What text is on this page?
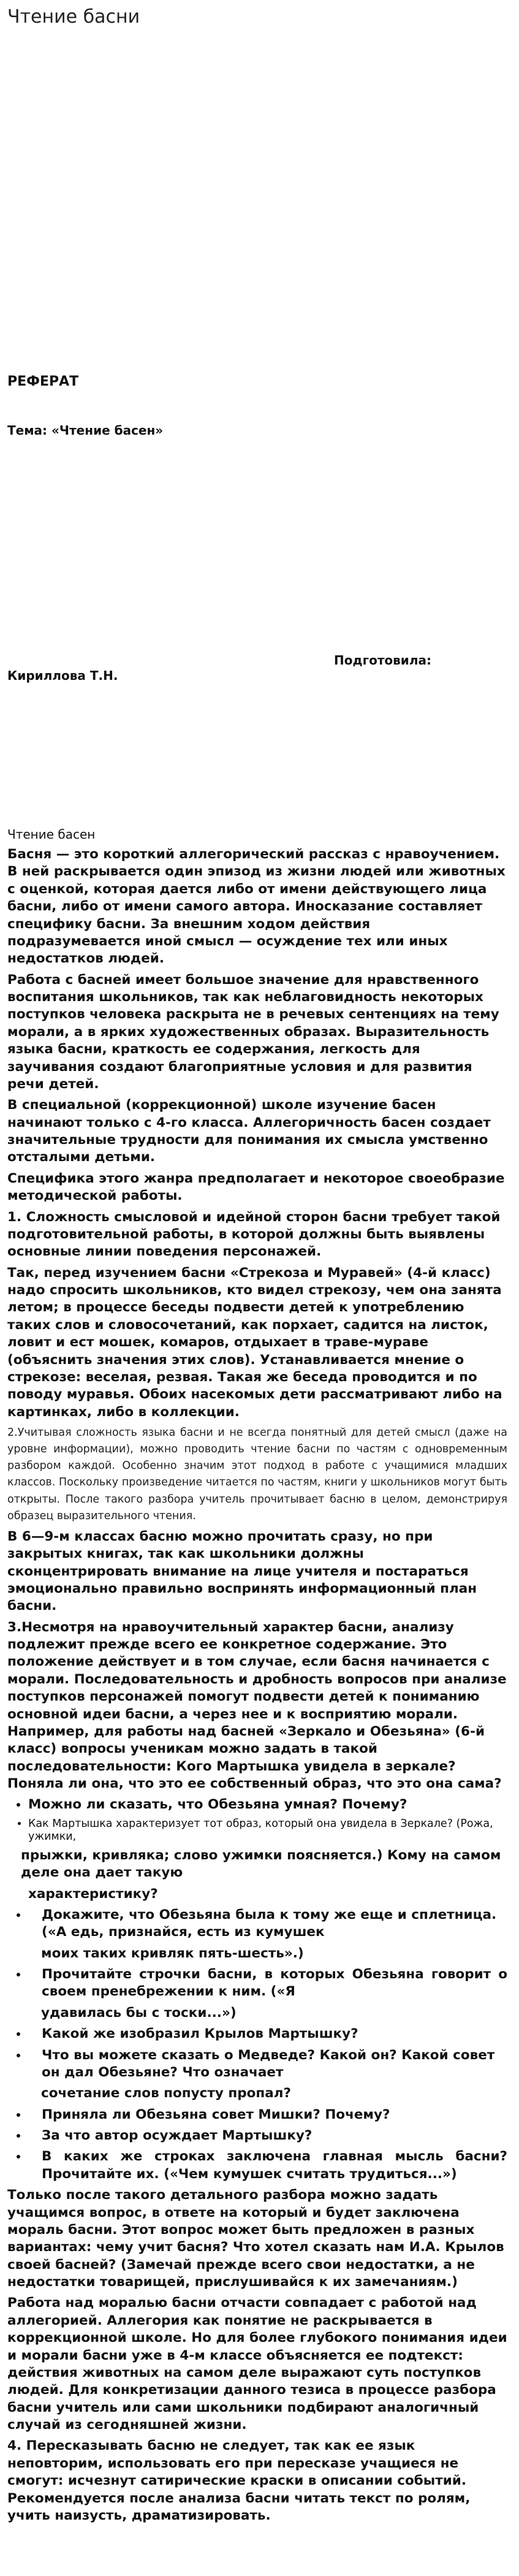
Чтение басни
РЕФЕРАТ
Тема: «Чтение басен»
Подготовила:
Кириллова Т.Н.
Чтение басен

Басня — это короткий аллегорический рассказ с нравоучением. В ней раскрывается один эпизод из жизни людей или животных с оценкой, которая дается либо от имени действующего лица басни, либо от имени самого автора. Иносказание составляет специфику басни. За внешним ходом действия подразумевается иной смысл — осуждение тех или иных недостатков людей.

Работа с басней имеет большое значение для нравственного воспитания школьников, так как неблаговидность некоторых поступков человека раскрыта не в речевых сентенциях на тему морали, а в ярких художественных образах. Выразительность языка басни, краткость ее содержания, легкость для заучивания создают благоприятные условия и для развития речи детей.

В специальной (коррекционной) школе изучение басен начинают только с 4-го класса. Аллегоричность басен создает значительные трудности для понимания их смысла умственно отсталыми детьми.

Специфика этого жанра предполагает и некоторое своеобразие методической работы.

1. Сложность смысловой и идейной сторон басни требует такой подготовительной работы, в которой должны быть выявлены основные линии поведения персонажей.

Так, перед изучением басни «Стрекоза и Муравей» (4-й класс) надо спросить школьников, кто видел стрекозу, чем она занята летом; в процессе беседы подвести детей к употреблению таких слов и словосочетаний, как порхает, садится на листок, ловит и ест мошек, комаров, отдыхает в траве-мураве (объяснить значения этих слов). Устанавливается мнение о стрекозе: веселая, резвая. Такая же беседа проводится и по поводу муравья. Обоих насекомых дети рассматривают либо на картинках, либо в коллекции.

2.Учитывая сложность языка басни и не всегда понятный для детей смысл (даже на уровне информации), можно проводить чтение басни по частям с одновременным разбором каждой. Особенно значим этот подход в работе с учащимися младших классов. Поскольку произведение читается по частям, книги у школьников могут быть открыты. После такого разбора учитель прочитывает басню в целом, демонстрируя образец выразительного чтения.

В 6—9-м классах басню можно прочитать сразу, но при закрытых книгах, так как школьники должны сконцентрировать внимание на лице учителя и постараться эмоционально правильно воспринять информационный план басни.

3.Несмотря на нравоучительный характер басни, анализу подлежит прежде всего ее конкретное содержание. Это положение действует и в том случае, если басня начинается с морали. Последовательность и дробность вопросов при анализе поступков персонажей помогут подвести детей к пониманию основной идеи басни, а через нее и к восприятию морали. Например, для работы над басней «Зеркало и Обезьяна» (6-й класс) вопросы ученикам можно задать в такой последовательности: Кого Мартышка увидела в зеркале? Поняла ли она, что это ее собственный образ, что это она сама?

• Можно ли сказать, что Обезьяна умная? Почему?
• Как Мартышка характеризует тот образ, который она увидела в Зеркале? (Рожа, ужимки,
прыжки, кривляка; слово ужимки поясняется.) Кому на самом деле она дает такую
характеристику?
• Докажите, что Обезьяна была к тому же еще и сплетница. («А едь, признайся, есть из кумушек
моих таких кривляк пять-шесть».)
• Прочитайте строчки басни, в которых Обезьяна говорит о своем пренебрежении к ним. («Я
удавилась бы с тоски...»)
• Какой же изобразил Крылов Мартышку?
• Что вы можете сказать о Медведе? Какой он? Какой совет он дал Обезьяне? Что означает
сочетание слов попусту пропал?
• Приняла ли Обезьяна совет Мишки? Почему?
• За что автор осуждает Мартышку?
• В каких же строках заключена главная мысль басни? Прочитайте их. («Чем кумушек считать трудиться...»)

Только после такого детального разбора можно задать учащимся вопрос, в ответе на который и будет заключена мораль басни. Этот вопрос может быть предложен в разных вариантах: чему учит басня? Что хотел сказать нам И.А. Крылов своей басней? (Замечай прежде всего свои недостатки, а не недостатки товарищей, прислушивайся к их замечаниям.)

Работа над моралью басни отчасти совпадает с работой над аллегорией. Аллегория как понятие не раскрывается в коррекционной школе. Но для более глубокого понимания идеи и морали басни уже в 4-м классе объясняется ее подтекст: действия животных на самом деле выражают суть поступков людей. Для конкретизации данного тезиса в процессе разбора басни учитель или сами школьники подбирают аналогичный случай из сегодняшней жизни.

4. Пересказывать басню не следует, так как ее язык неповторим, использовать его при пересказе учащиеся не смогут: исчезнут сатирические краски в описании событий. Рекомендуется после анализа басни читать текст по ролям, учить наизусть, драматизировать.
